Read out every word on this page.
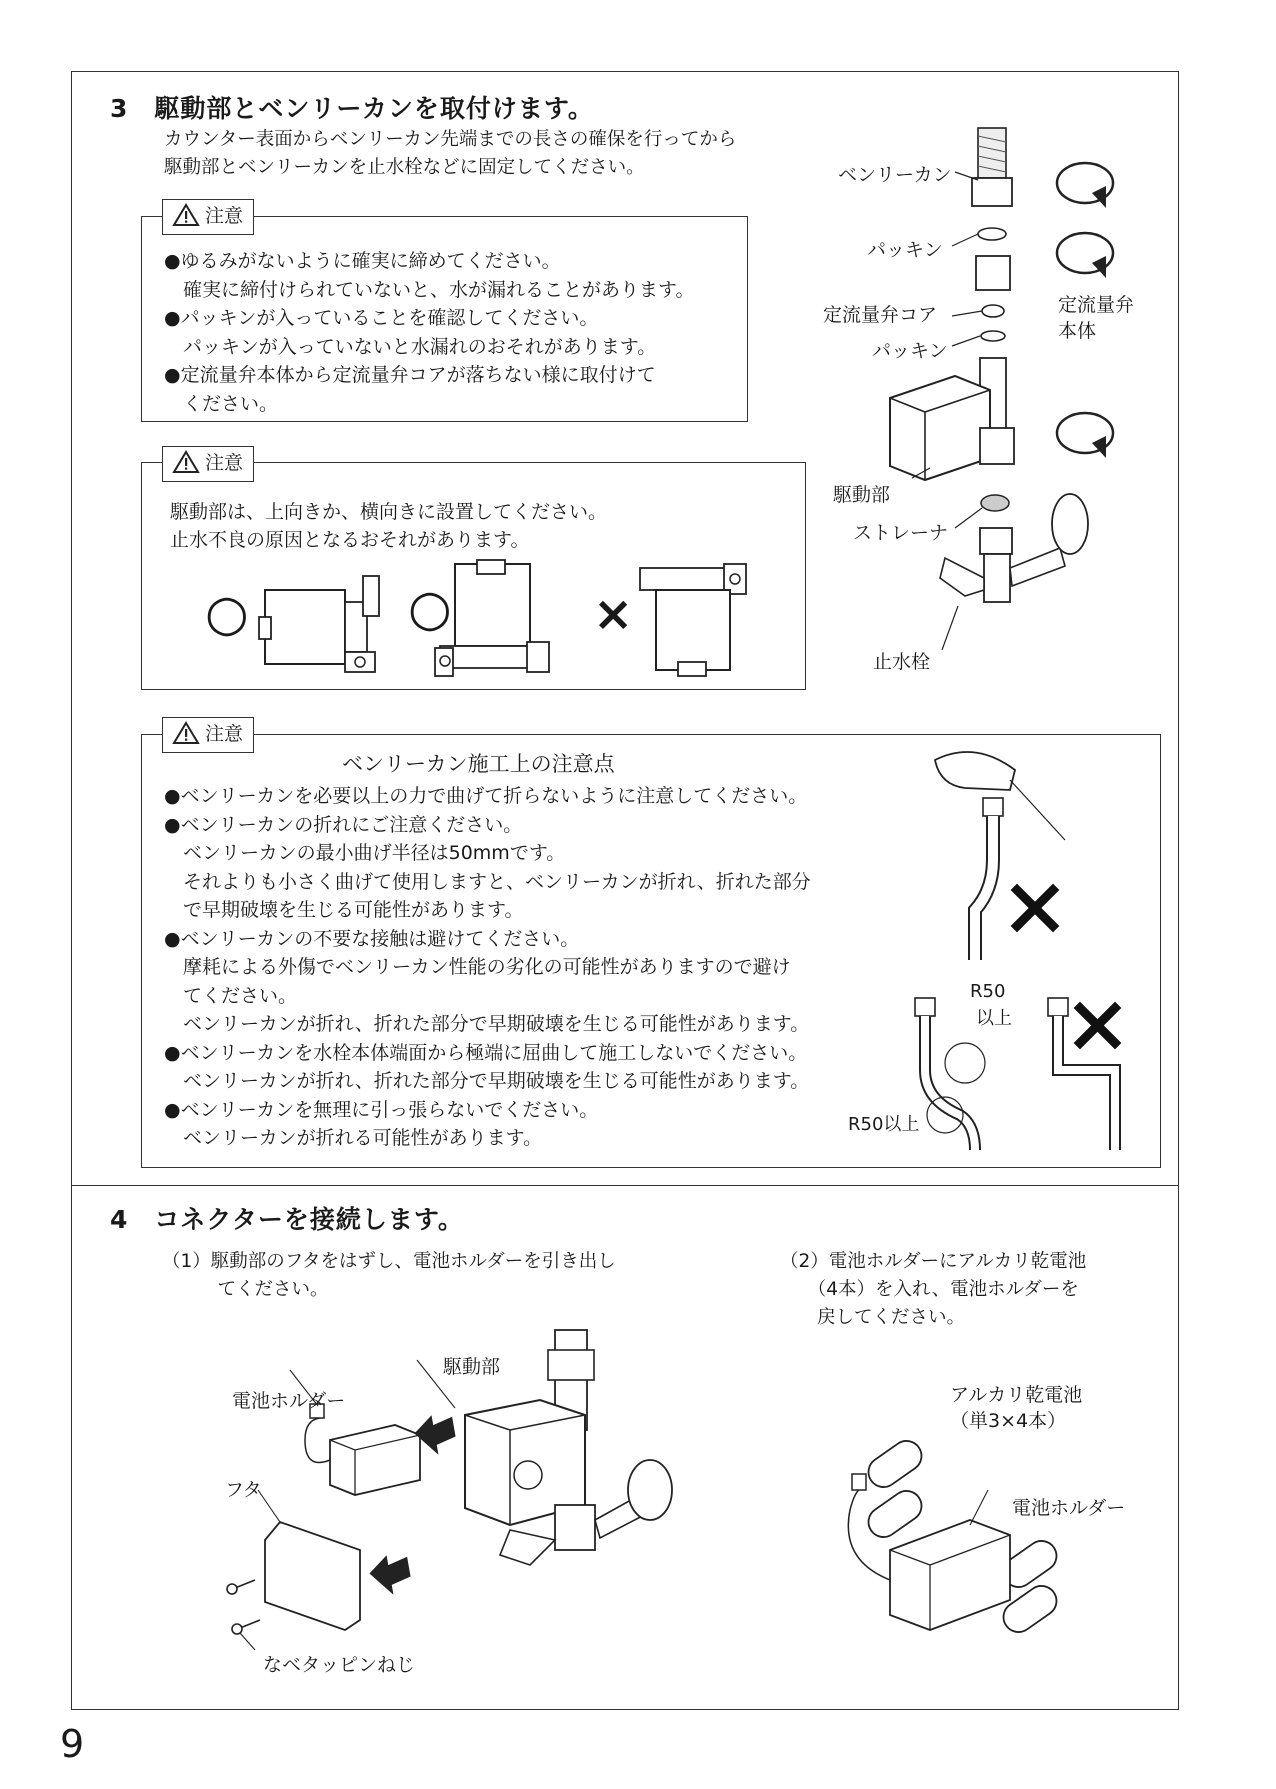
3　駆動部とベンリーカンを取付けます。
カウンター表面からベンリーカン先端までの長さの確保を行ってから
駆動部とベンリーカンを止水栓などに固定してください。
注意
●ゆるみがないように確実に締めてください。
　確実に締付けられていないと、水が漏れることがあります。
●パッキンが入っていることを確認してください。
　パッキンが入っていないと水漏れのおそれがあります。
●定流量弁本体から定流量弁コアが落ちない様に取付けて
　ください。
注意
駆動部は、上向きか、横向きに設置してください。
止水不良の原因となるおそれがあります。
○	○	×
ベンリーカン
パッキン
定流量弁コア	定流量弁
本体
パッキン
駆動部
ストレーナ
止水栓
注意
ベンリーカン施工上の注意点
●ベンリーカンを必要以上の力で曲げて折らないように注意してください。
●ベンリーカンの折れにご注意ください。
　ベンリーカンの最小曲げ半径は50mmです。
　それよりも小さく曲げて使用しますと、ベンリーカンが折れ、折れた部分
　で早期破壊を生じる可能性があります。
●ベンリーカンの不要な接触は避けてください。
　摩耗による外傷でベンリーカン性能の劣化の可能性がありますので避け
　てください。
　ベンリーカンが折れ、折れた部分で早期破壊を生じる可能性があります。
●ベンリーカンを水栓本体端面から極端に屈曲して施工しないでください。
　ベンリーカンが折れ、折れた部分で早期破壊を生じる可能性があります。
●ベンリーカンを無理に引っ張らないでください。
　ベンリーカンが折れる可能性があります。
R50
以上
R50以上
4　コネクターを接続します。
（1）駆動部のフタをはずし、電池ホルダーを引き出し
　　　てください。
（2）電池ホルダーにアルカリ乾電池
　　（4本）を入れ、電池ホルダーを
　　戻してください。
駆動部
電池ホルダー
フタ
なベタッピンねじ
アルカリ乾電池
（単3×4本）
電池ホルダー
9
